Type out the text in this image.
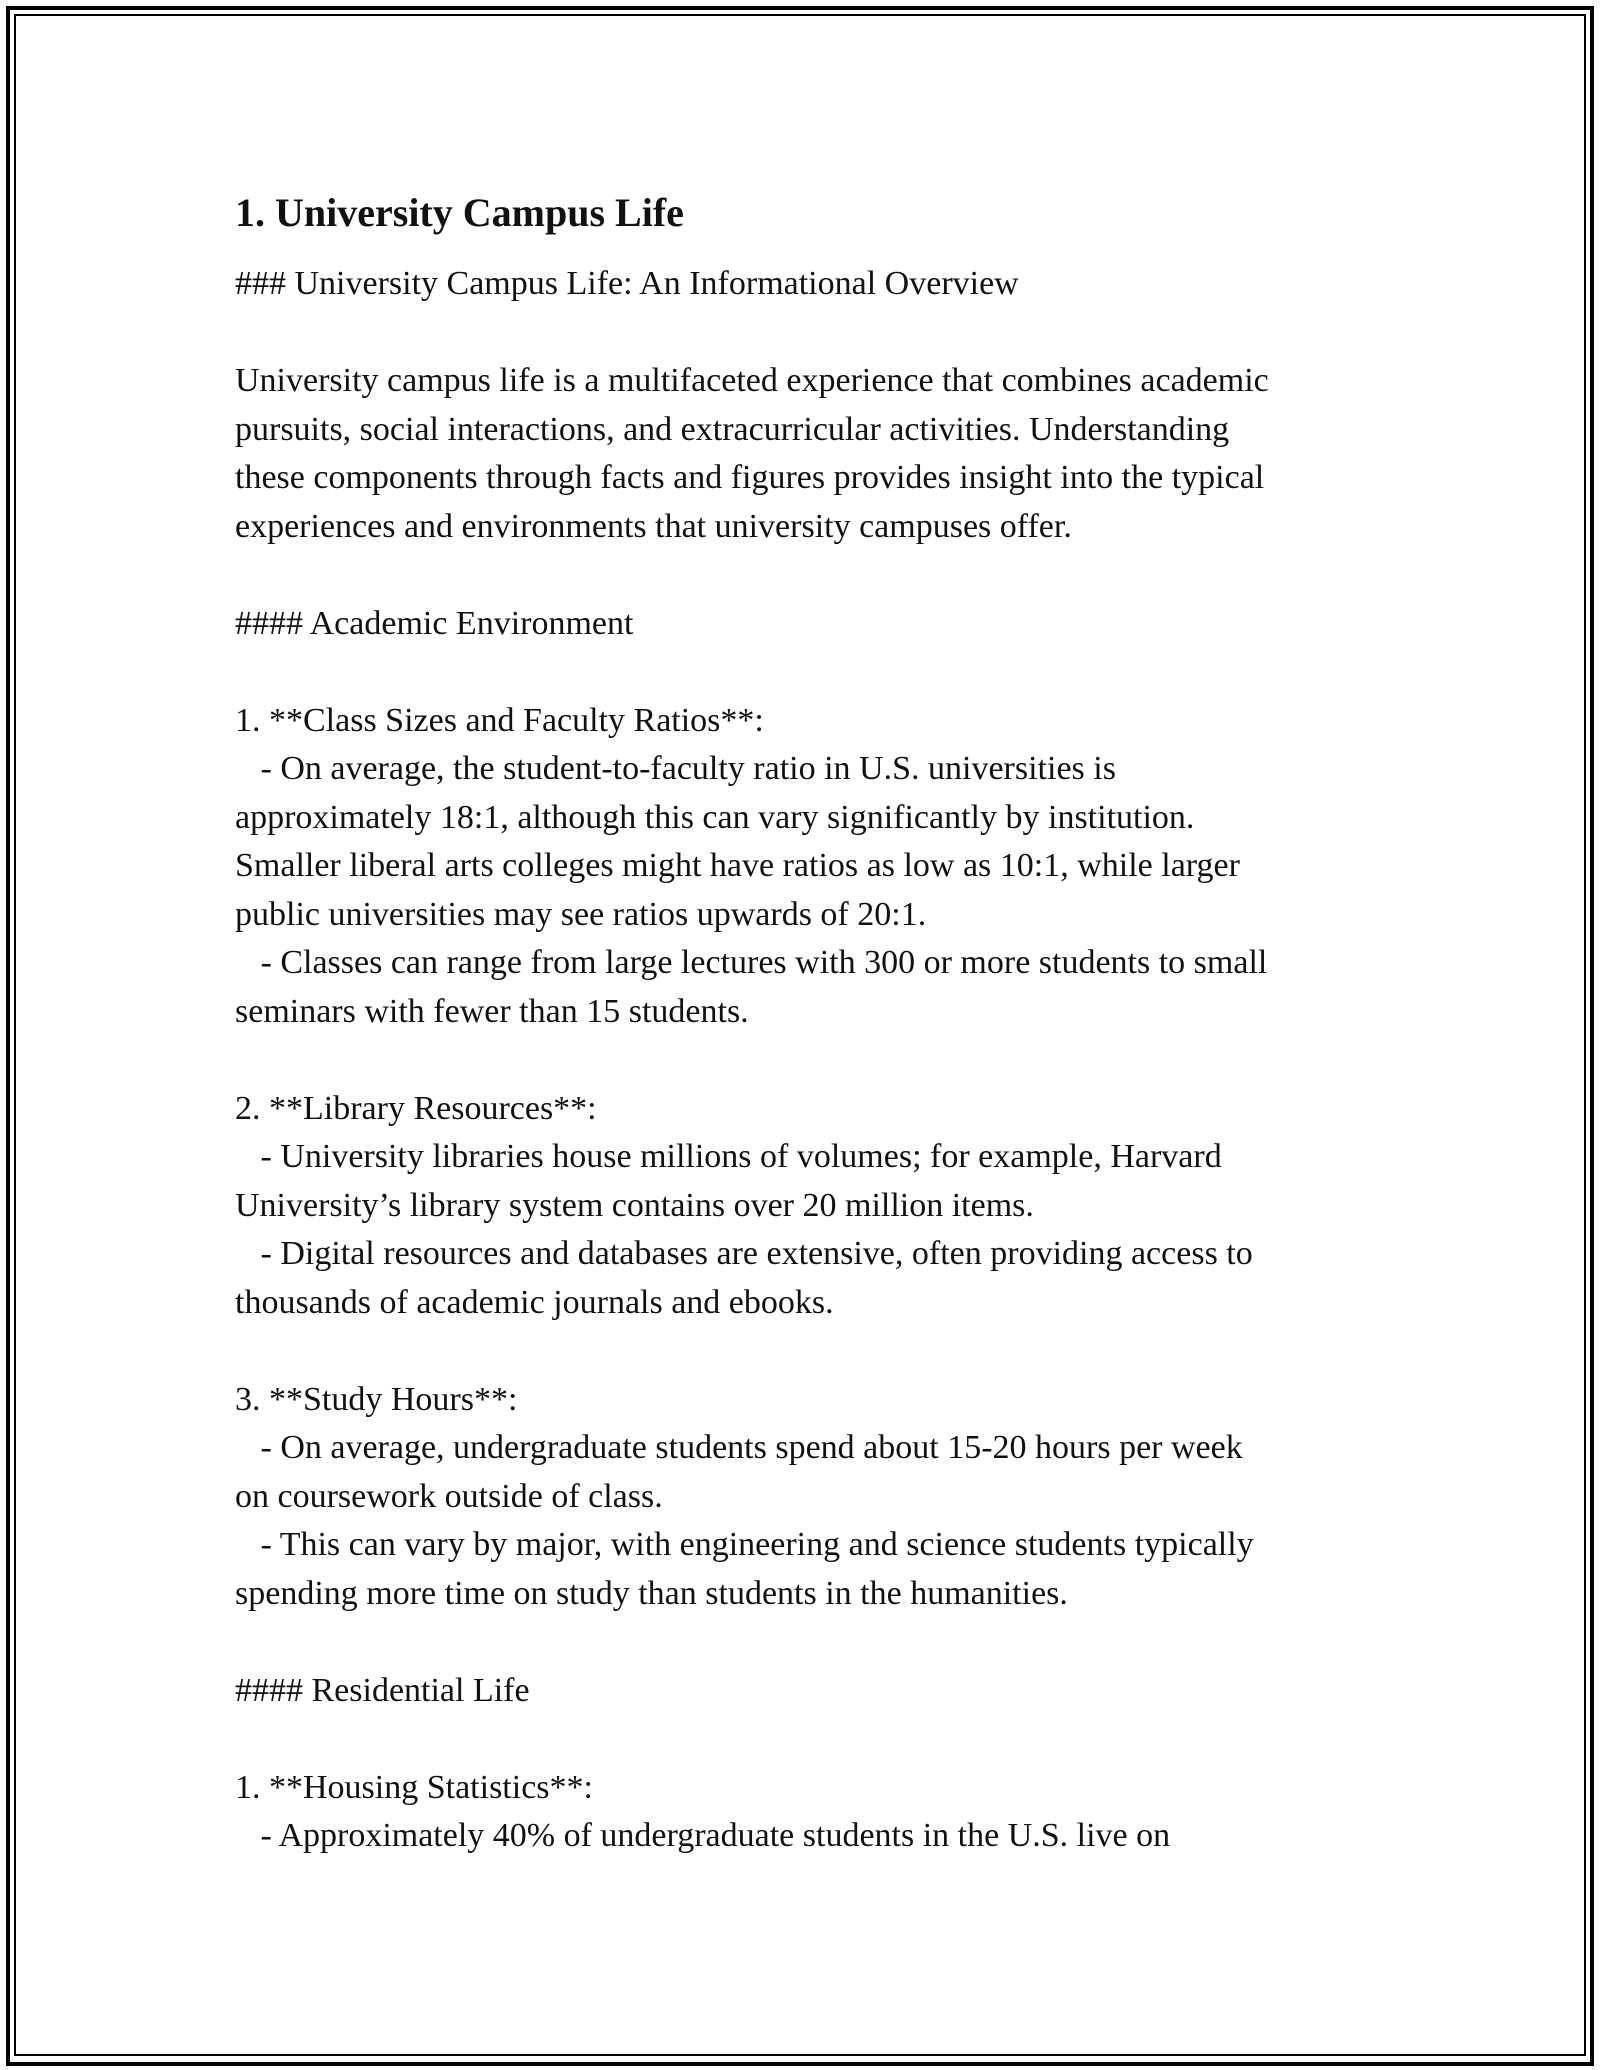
1. University Campus Life
### University Campus Life: An Informational Overview
University campus life is a multifaceted experience that combines academic
pursuits, social interactions, and extracurricular activities. Understanding
these components through facts and figures provides insight into the typical
experiences and environments that university campuses offer.
#### Academic Environment
1. **Class Sizes and Faculty Ratios**:
- On average, the student-to-faculty ratio in U.S. universities is
approximately 18:1, although this can vary significantly by institution.
Smaller liberal arts colleges might have ratios as low as 10:1, while larger
public universities may see ratios upwards of 20:1.
- Classes can range from large lectures with 300 or more students to small
seminars with fewer than 15 students.
2. **Library Resources**:
- University libraries house millions of volumes; for example, Harvard
University’s library system contains over 20 million items.
- Digital resources and databases are extensive, often providing access to
thousands of academic journals and ebooks.
3. **Study Hours**:
- On average, undergraduate students spend about 15-20 hours per week
on coursework outside of class.
- This can vary by major, with engineering and science students typically
spending more time on study than students in the humanities.
#### Residential Life
1. **Housing Statistics**:
- Approximately 40% of undergraduate students in the U.S. live on
